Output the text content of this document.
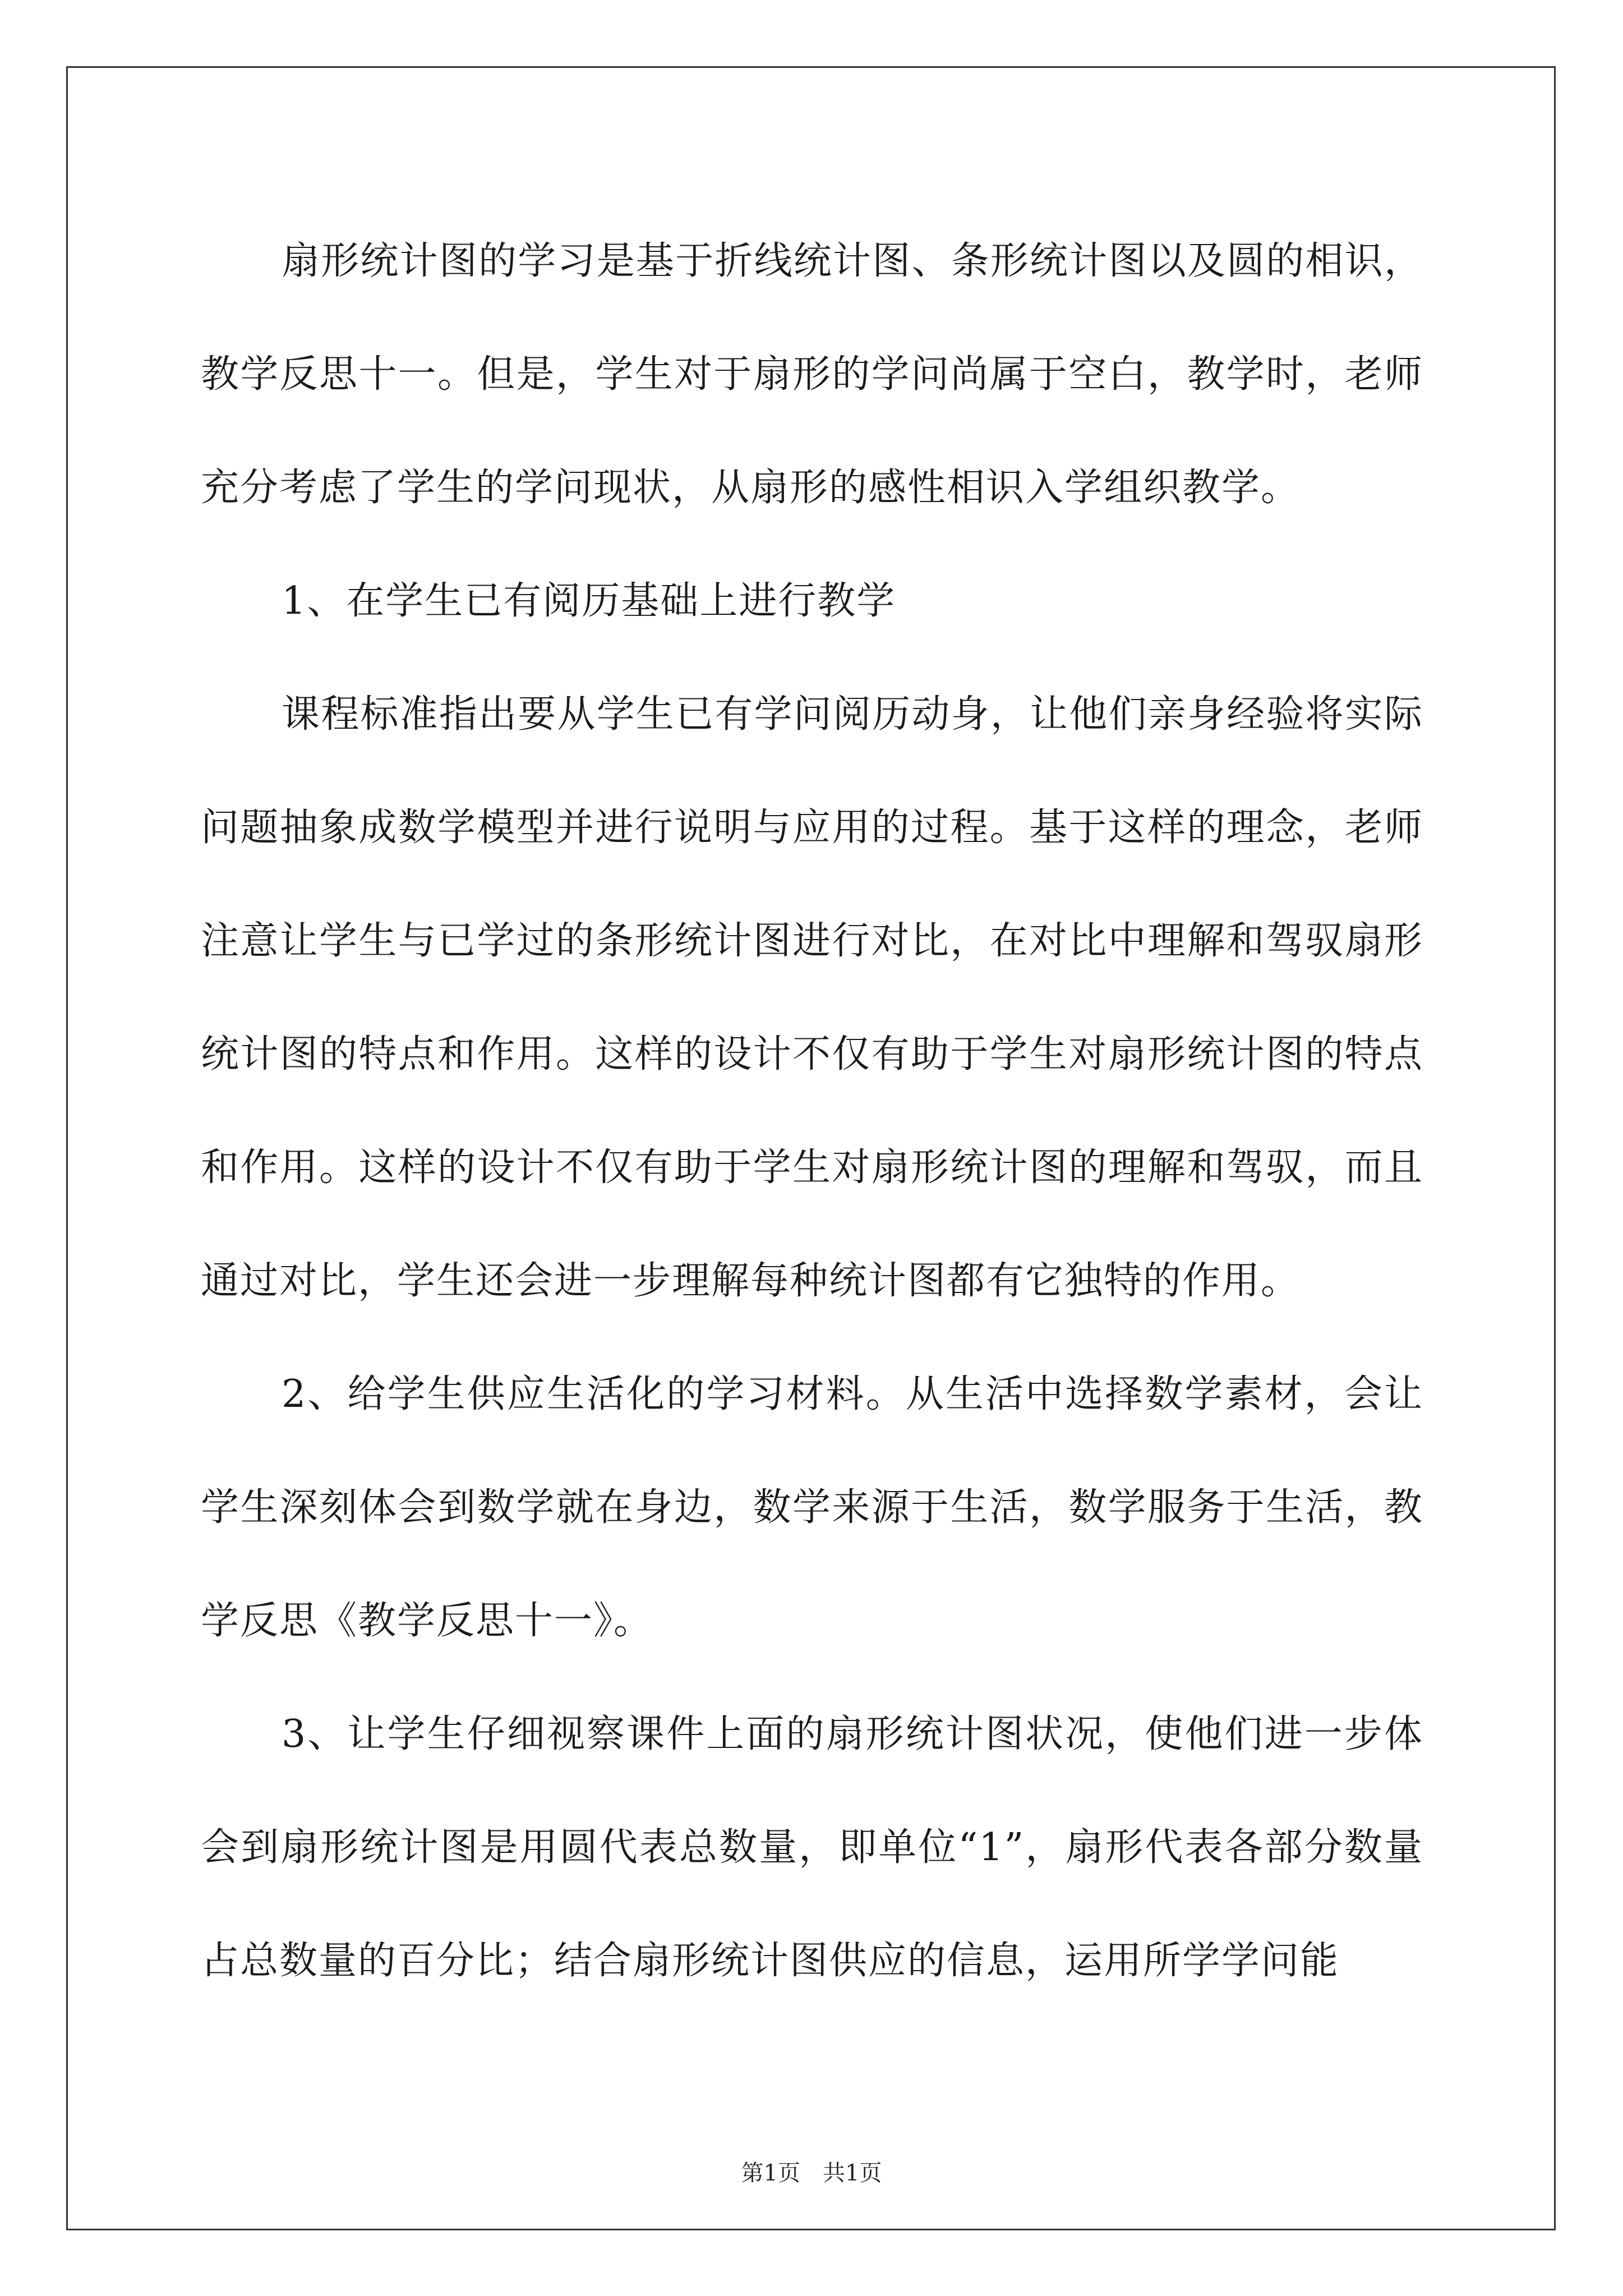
扇形统计图的学习是基于折线统计图、条形统计图以及圆的相识，教学反思十一。但是，学生对于扇形的学问尚属于空白，教学时，老师充分考虑了学生的学问现状，从扇形的感性相识入学组织教学。

1、在学生已有阅历基础上进行教学

课程标准指出要从学生已有学问阅历动身，让他们亲身经验将实际问题抽象成数学模型并进行说明与应用的过程。基于这样的理念，老师注意让学生与已学过的条形统计图进行对比，在对比中理解和驾驭扇形统计图的特点和作用。这样的设计不仅有助于学生对扇形统计图的特点和作用。这样的设计不仅有助于学生对扇形统计图的理解和驾驭，而且通过对比，学生还会进一步理解每种统计图都有它独特的作用。

2、给学生供应生活化的学习材料。从生活中选择数学素材，会让学生深刻体会到数学就在身边，数学来源于生活，数学服务于生活，教学反思《教学反思十一》。

3、让学生仔细视察课件上面的扇形统计图状况，使他们进一步体会到扇形统计图是用圆代表总数量，即单位“1”，扇形代表各部分数量占总数量的百分比；结合扇形统计图供应的信息，运用所学学问能

第1页　共1页
